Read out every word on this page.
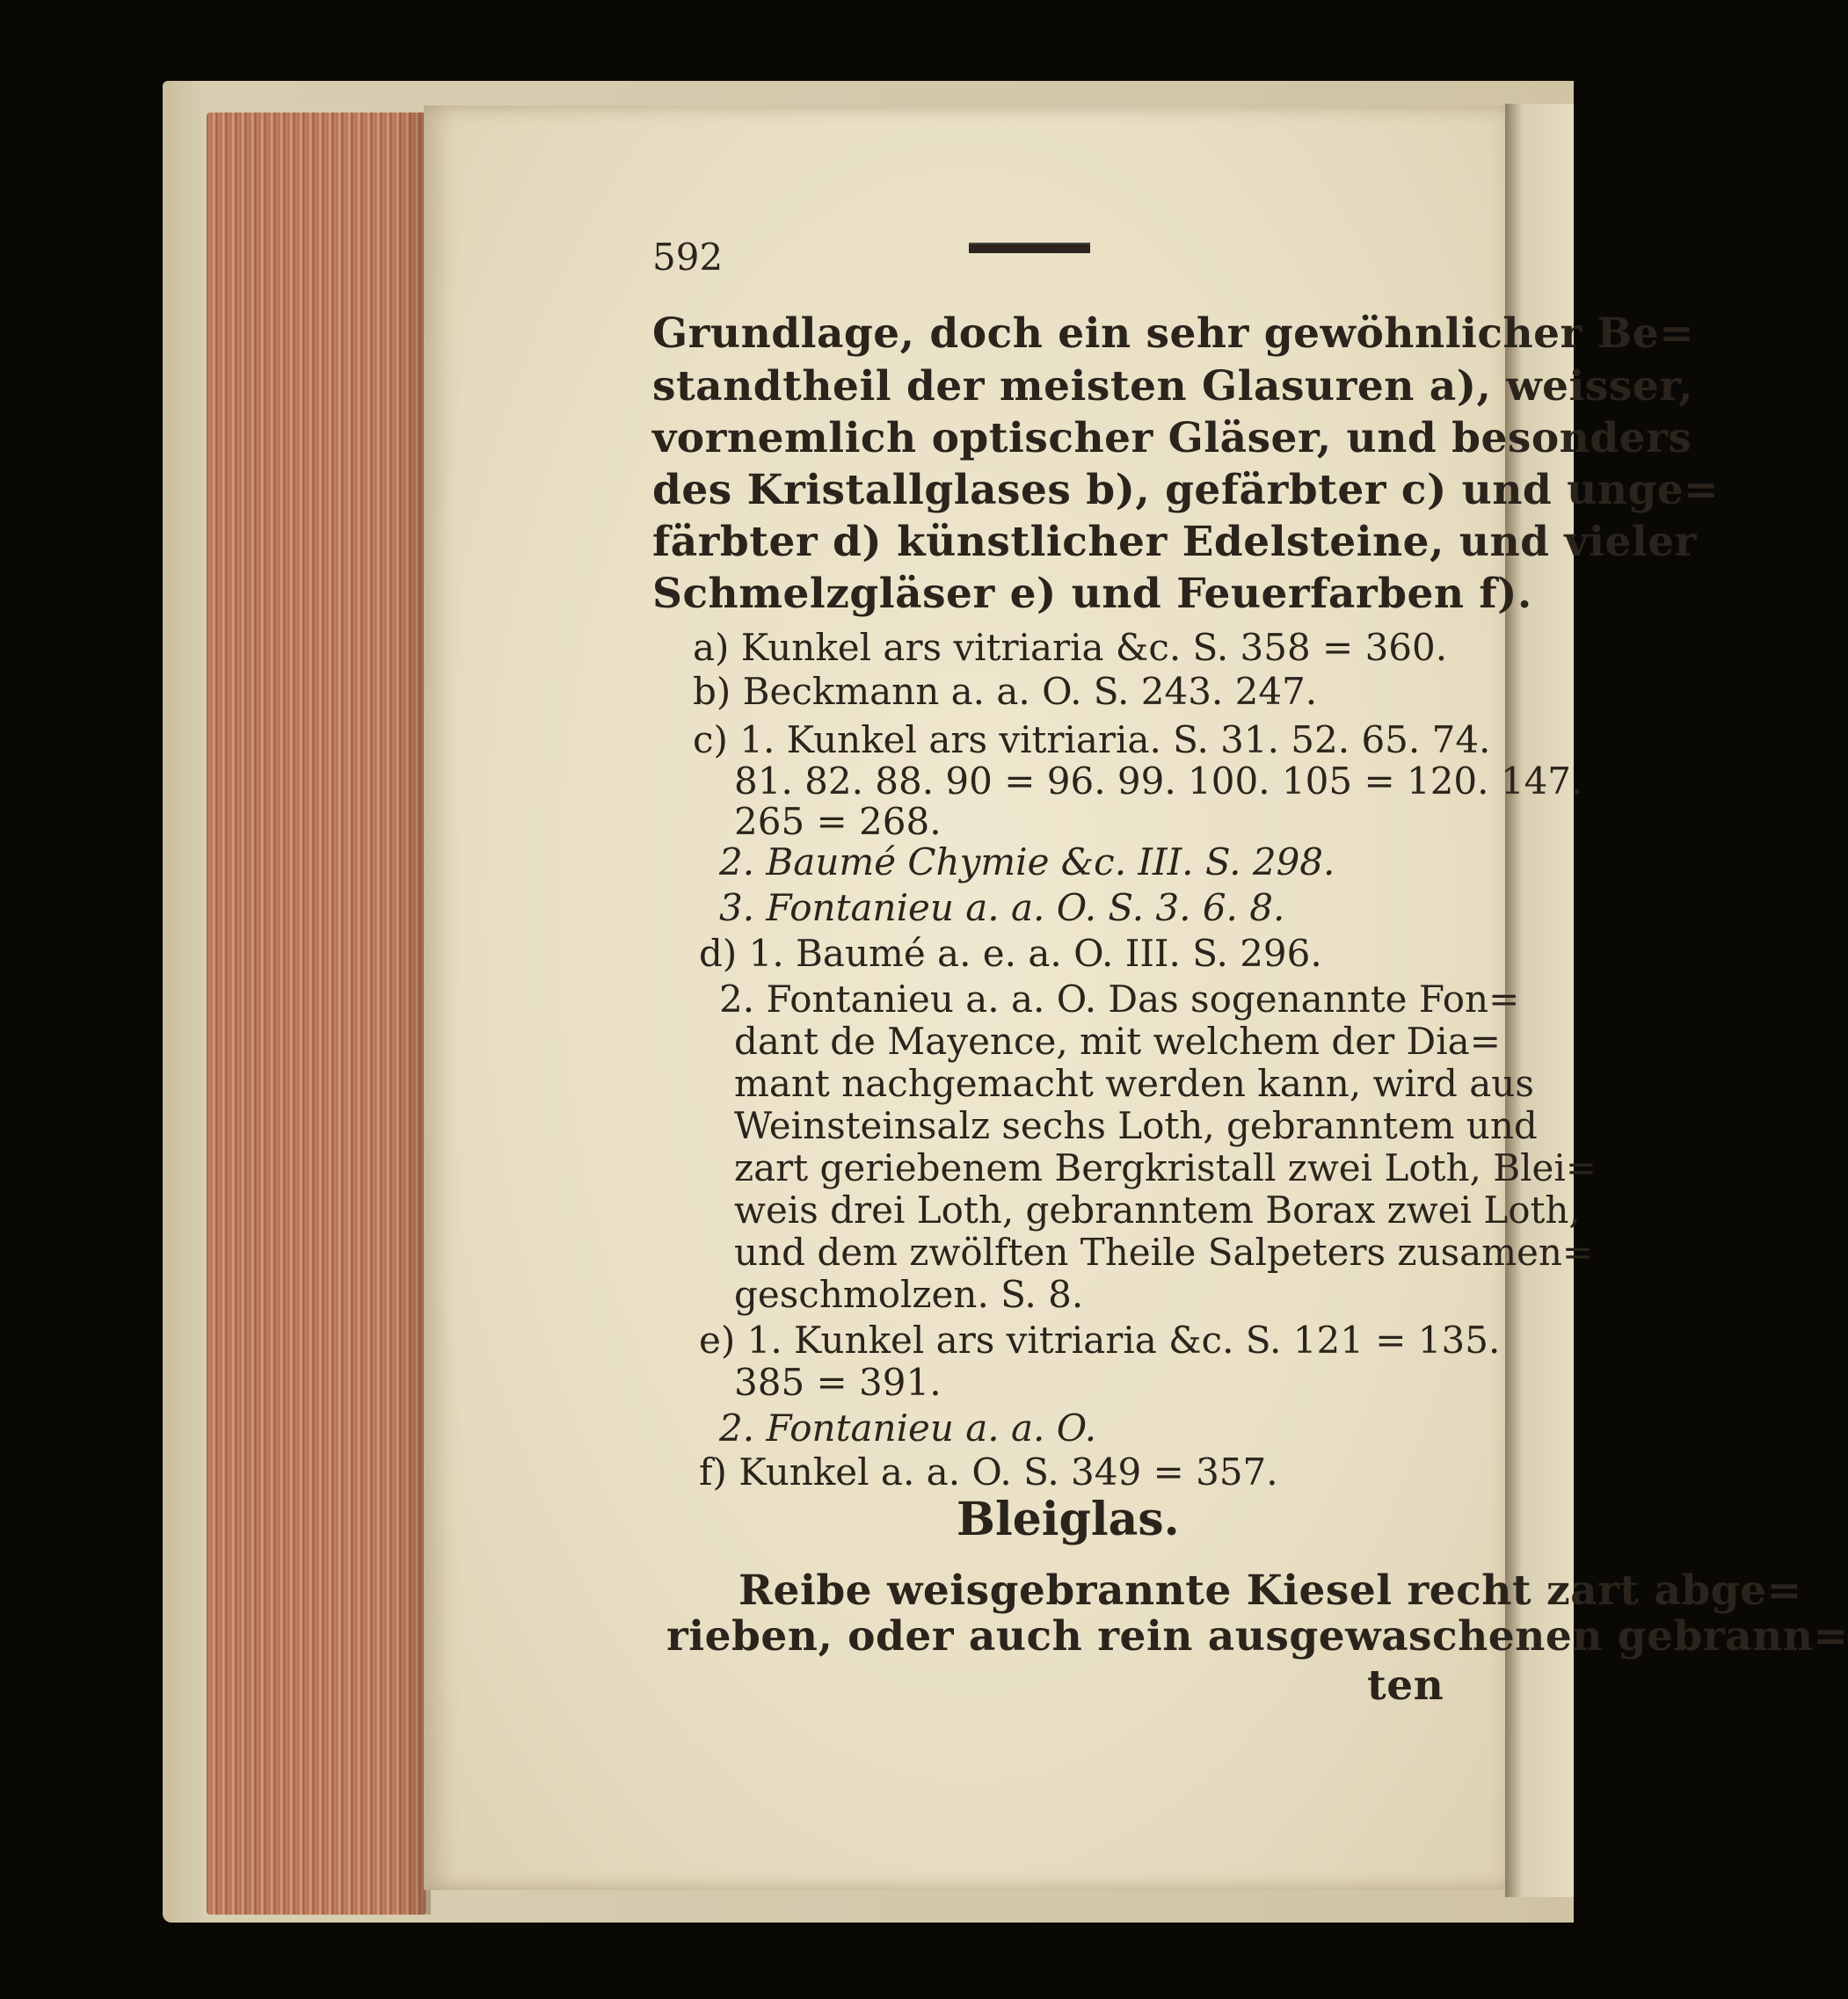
592
Grundlage, doch ein sehr gewöhnlicher Be=
standtheil der meisten Glasuren a), weisser,
vornemlich optischer Gläser, und besonders
des Kristallglases b), gefärbter c) und unge=
färbter d) künstlicher Edelsteine, und vieler
Schmelzgläser e) und Feuerfarben f).
a) Kunkel ars vitriaria &c. S. 358 = 360.
b) Beckmann a. a. O. S. 243. 247.
c) 1. Kunkel ars vitriaria. S. 31. 52. 65. 74.
81. 82. 88. 90 = 96. 99. 100. 105 = 120. 147.
265 = 268.
2. Baumé Chymie &c. III. S. 298.
3. Fontanieu a. a. O. S. 3. 6. 8.
d) 1. Baumé a. e. a. O. III. S. 296.
2. Fontanieu a. a. O. Das sogenannte Fon=
dant de Mayence, mit welchem der Dia=
mant nachgemacht werden kann, wird aus
Weinsteinsalz sechs Loth, gebranntem und
zart geriebenem Bergkristall zwei Loth, Blei=
weis drei Loth, gebranntem Borax zwei Loth,
und dem zwölften Theile Salpeters zusamen=
geschmolzen. S. 8.
e) 1. Kunkel ars vitriaria &c. S. 121 = 135.
385 = 391.
2. Fontanieu a. a. O.
f) Kunkel a. a. O. S. 349 = 357.
Bleiglas.
Reibe weisgebrannte Kiesel recht zart abge=
rieben, oder auch rein ausgewaschenen gebrann=
ten
